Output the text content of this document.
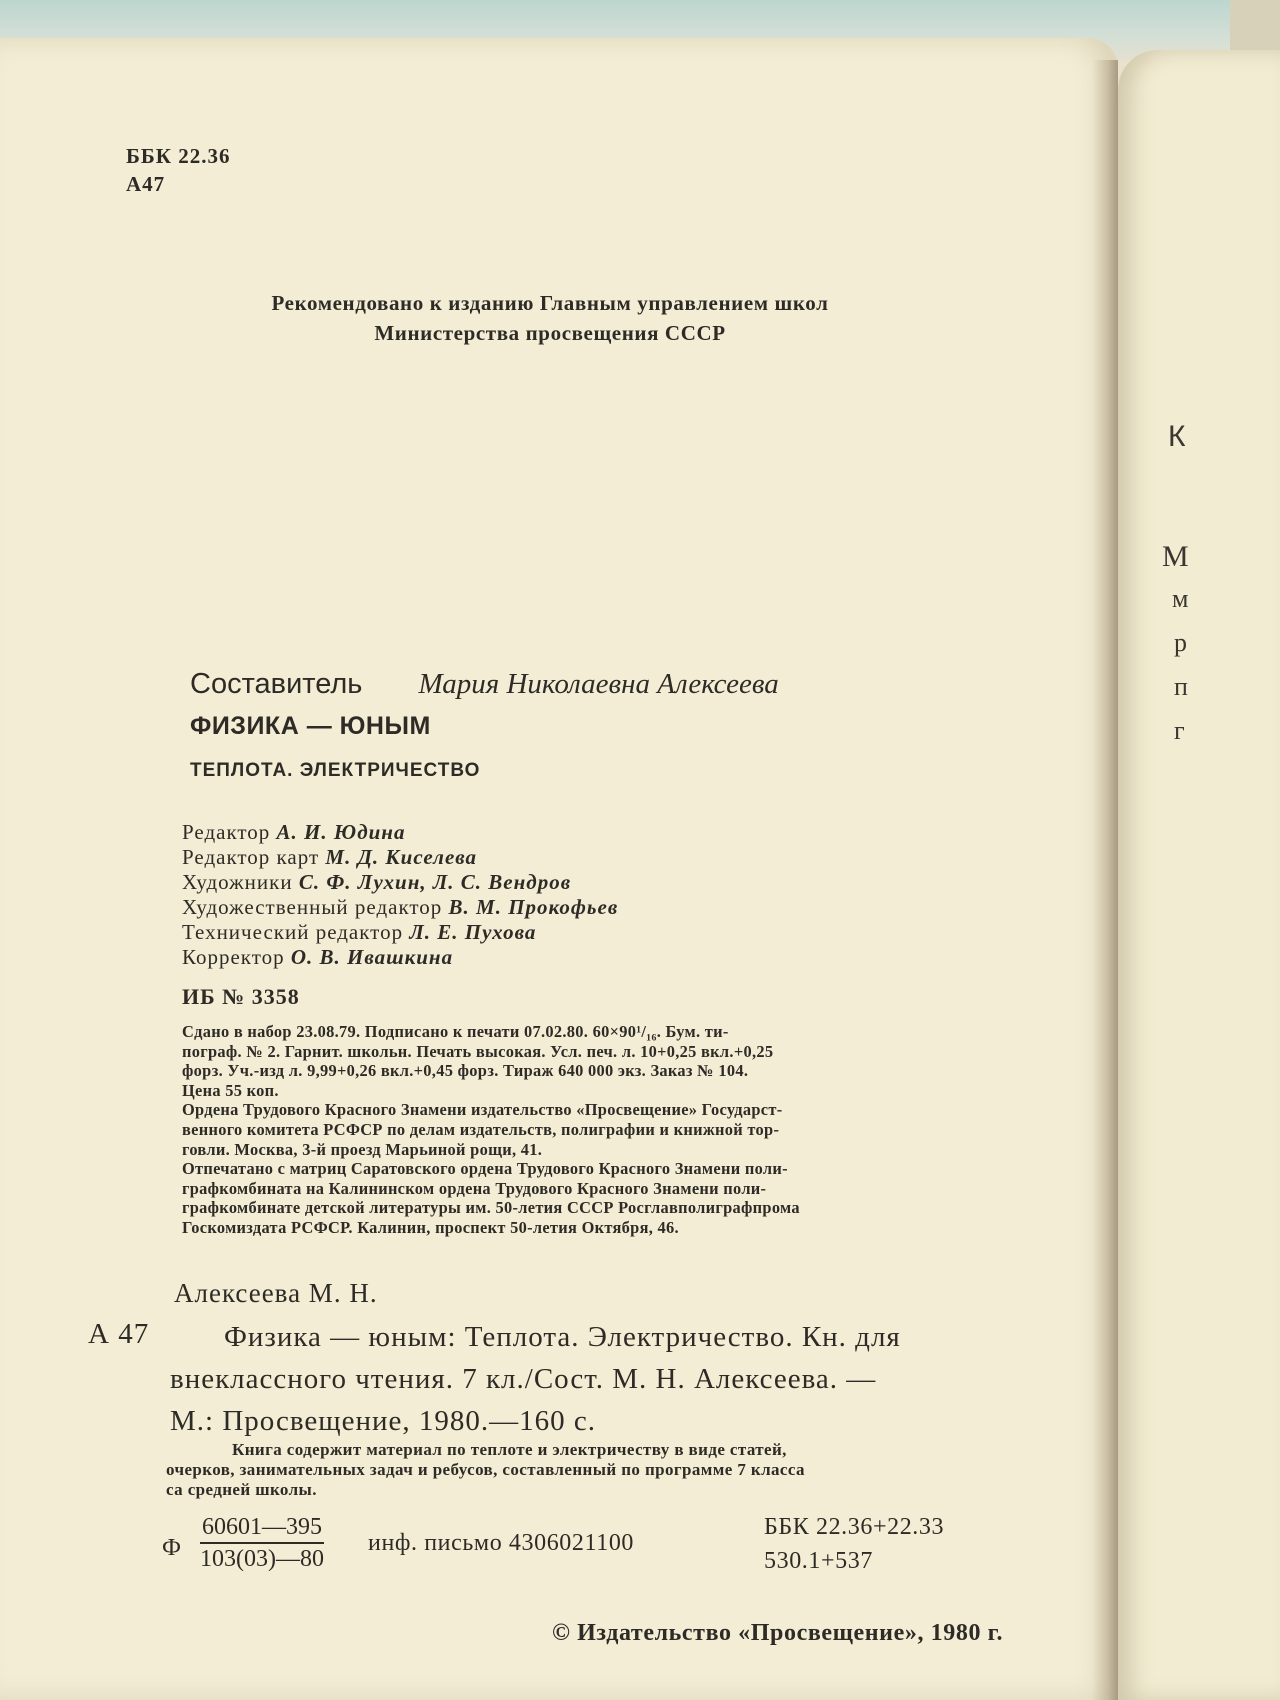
К
М
м
р
п
г
ББК 22.36
А47
Рекомендовано к изданию Главным управлением школ
Министерства просвещения СССР
Составитель Мария Николаевна Алексеева
ФИЗИКА — ЮНЫМ
ТЕПЛОТА. ЭЛЕКТРИЧЕСТВО
Редактор А. И. Юдина
Редактор карт М. Д. Киселева
Художники С. Ф. Лухин, Л. С. Вендров
Художественный редактор В. М. Прокофьев
Технический редактор Л. Е. Пухова
Корректор О. В. Ивашкина
ИБ № 3358
Сдано в набор 23.08.79. Подписано к печати 07.02.80. 60×90¹/₁₆. Бум. ти-
пограф. № 2. Гарнит. школьн. Печать высокая. Усл. печ. л. 10+0,25 вкл.+0,25
форз. Уч.-изд л. 9,99+0,26 вкл.+0,45 форз. Тираж 640 000 экз. Заказ № 104.
Цена 55 коп.
Ордена Трудового Красного Знамени издательство «Просвещение» Государст-
венного комитета РСФСР по делам издательств, полиграфии и книжной тор-
говли. Москва, 3-й проезд Марьиной рощи, 41.
Отпечатано с матриц Саратовского ордена Трудового Красного Знамени поли-
графкомбината на Калининском ордена Трудового Красного Знамени поли-
графкомбинате детской литературы им. 50-летия СССР Росглавполиграфпрома
Госкомиздата РСФСР. Калинин, проспект 50-летия Октября, 46.
Алексеева М. Н.
А 47	Физика — юным: Теплота. Электричество. Кн. для
внеклассного чтения. 7 кл./Сост. М. Н. Алексеева. —
М.: Просвещение, 1980.—160 с.
Книга содержит материал по теплоте и электричеству в виде статей,
очерков, занимательных задач и ребусов, составленный по программе 7 класса
са средней школы.
Ф $\frac{60601—395}{103(03)—80}$ инф. письмо 4306021100
ББК 22.36+22.33
530.1+537
© Издательство «Просвещение», 1980 г.
